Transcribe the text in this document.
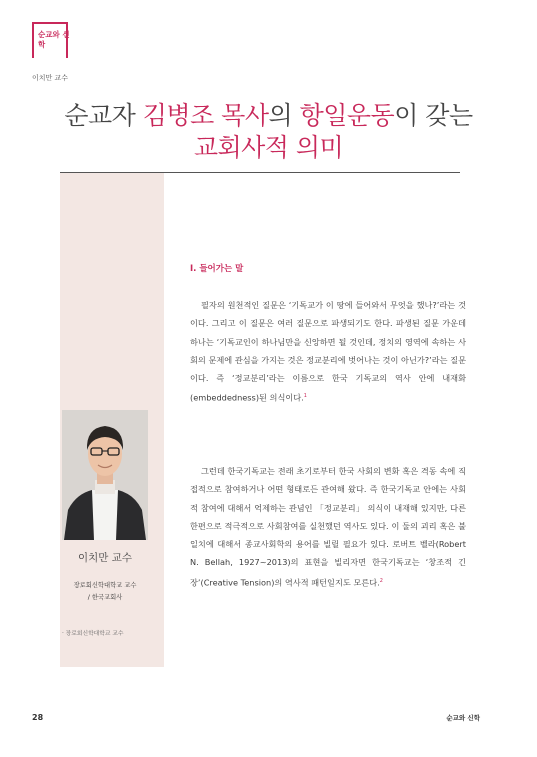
순교와 신학
이치만 교수
순교자 김병조 목사의 항일운동이 갖는
교회사적 의미
이치만 교수
장로회신학대학교 교수
/ 한국교회사
· 장로회신학대학교 교수
I. 들어가는 말

필자의 원천적인 질문은 ‘기독교가 이 땅에 들어와서 무엇을 했나?’라는 것이다. 그리고 이 질문은 여러 질문으로 파생되기도 한다. 파생된 질문 가운데 하나는 ‘기독교인이 하나님만을 신앙하면 될 것인데, 정치의 영역에 속하는 사회의 문제에 관심을 가지는 것은 정교분리에 벗어나는 것이 아닌가?’라는 질문이다. 즉 ‘정교분리’라는 이름으로 한국 기독교의 역사 안에 내재화(embeddedness)된 의식이다.$^1$

그런데 한국기독교는 전래 초기로부터 한국 사회의 변화 혹은 격동 속에 직접적으로 참여하거나 어떤 형태로든 관여해 왔다. 즉 한국기독교 안에는 사회적 참여에 대해서 억제하는 관념인 「정교분리」 의식이 내재해 있지만, 다른 한편으로 적극적으로 사회참여를 실천했던 역사도 있다. 이 둘의 괴리 혹은 불일치에 대해서 종교사회학의 용어를 빌릴 필요가 있다. 로버트 벨라(Robert N. Bellah, 1927~2013)의 표현을 빌리자면 한국기독교는 ‘창조적 긴장’(Creative Tension)의 역사적 패턴일지도 모른다.$^2$

28	순교와 신학
